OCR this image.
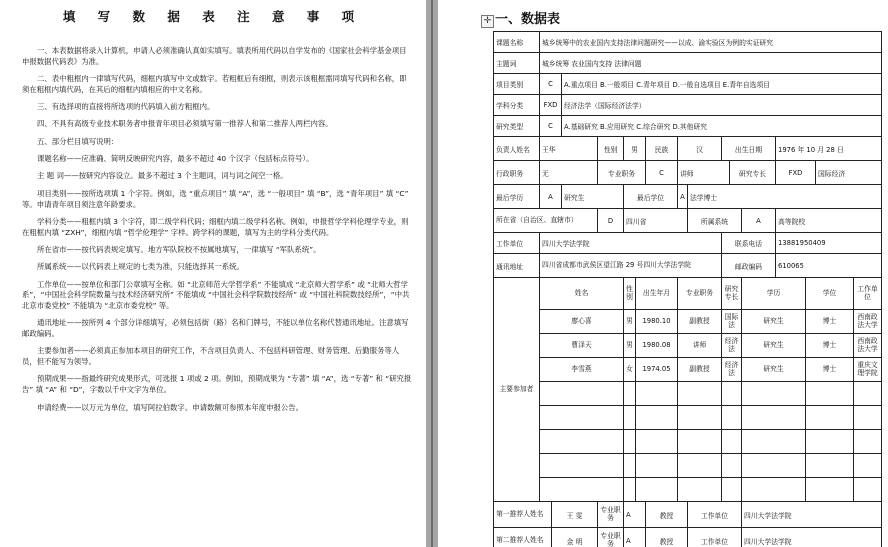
填 写 数 据 表 注 意 事 项

一、本表数据将录入计算机，申请人必须准确认真如实填写。填表所用代码以自学发布的《国家社会科学基金项目申报数据代码表》为准。

二、表中粗框内一律填写代码，细框内填写中文或数字。若粗框后有细框，则表示该粗框需同填写代码和名称，即须在粗框内填代码，在其后的细框内填相应的中文名称。

三、有选择项的直接将所选项的代码填入前方粗框内。

四、不具有高级专业技术职务者申报青年项目必须填写第一推荐人和第二推荐人两栏内容。

五、部分栏目填写说明：

课题名称——应准确、简明反映研究内容，最多不超过 40 个汉字（包括标点符号）。

主 题 词——按研究内容设立。最多不超过 3 个主题词，词与词之间空一格。

项目类别——按所选项填 1 个字符。例如，选 “重点项目” 填 “A”，选 “一般项目” 填 “B”，选 “青年项目” 填 “C” 等。申请青年项目须注意年龄要求。

学科分类——粗框内填 3 个字符，即二级学科代码；细框内填二级学科名称。例如，申报哲学学科伦理学专业，则在粗框内填 “ZXH”，细框内填 “哲学伦理学” 字样。跨学科的课题，填写为主的学科分类代码。

所在省市——按代码表规定填写。地方军队院校不按属地填写，一律填写 “军队系统”。

所属系统——以代码表上规定的七类为准，只能选择其一系统。

工作单位——按单位和部门公章填写全称。如 “北京师范大学哲学系” 不能填成 “北京师大哲学系” 或 “北师大哲学系”，“中国社会科学院数量与技术经济研究所” 不能填成 “中国社会科学院数技经所” 或 “中国社科院数技经所”，“中共北京市委党校” 不能填为 “北京市委党校” 等。

通讯地址——按所列 4 个部分详细填写，必须包括街（路）名和门牌号，不能以单位名称代替通讯地址。注意填写邮政编码。

主要参加者——必须真正参加本项目的研究工作，不含项目负责人、不包括科研管理、财务管理、后勤服务等人员，但不能写为领导。

预期成果——指最终研究成果形式，可选报 1 项或 2 项。例如，预期成果为 “专著” 填 “A”，选 “专著” 和 “研究报告” 填 “A” 和 “D”，字数以千中文字为单位。

申请经费——以万元为单位，填写阿拉伯数字。申请数额可参照本年度申报公告。

✛ 一、数据表
课题名称	城乡统筹中的农业国内支持法律问题研究——以成、渝实验区为例的实证研究																
主题词	城乡统筹 农业国内支持 法律问题																
项目类别	C		A.重点项目 B.一般项目 C.青年项目 D.一般自选项目 E.青年自选项目														
学科分类	FXD		经济法学（国际经济法学）														
研究类型	C		A.基础研究 B.应用研究 C.综合研究 D.其他研究														
负责人姓名	王华			性别	男		民族	汉		出生日期			1976 年 10 月 28 日				
行政职务	无			专业职务			C	讲师			研究专长		FXD		国际经济		
最后学历	A		研究生		最后学位			A	法学博士								
所在省（自治区、直辖市）				D	四川省				所属系统			A	高等院校				
工作单位	四川大学法学院									联系电话			13881950409				
通讯地址	四川省成都市武侯区望江路 29 号四川大学法学院									邮政编码			610065				
主要参加者	姓名				性别	出生年月		专业职务		研究专长		学历		学位		工作单位	
	廖心喜				男	1980.10		副教授		国际法		研究生		博士		西南政法大学	
	曹泽天				男	1980.08		讲师		经济法		研究生		博士		西南政法大学	
	李雪燕				女	1974.05		副教授		经济法		研究生		博士		重庆文理学院	

第一推荐人姓名		王 雯		专业职务	A		教授		工作单位			四川大学法学院					
第二推荐人姓名		金 明		专业职务	A		教授		工作单位			四川大学法学院					
